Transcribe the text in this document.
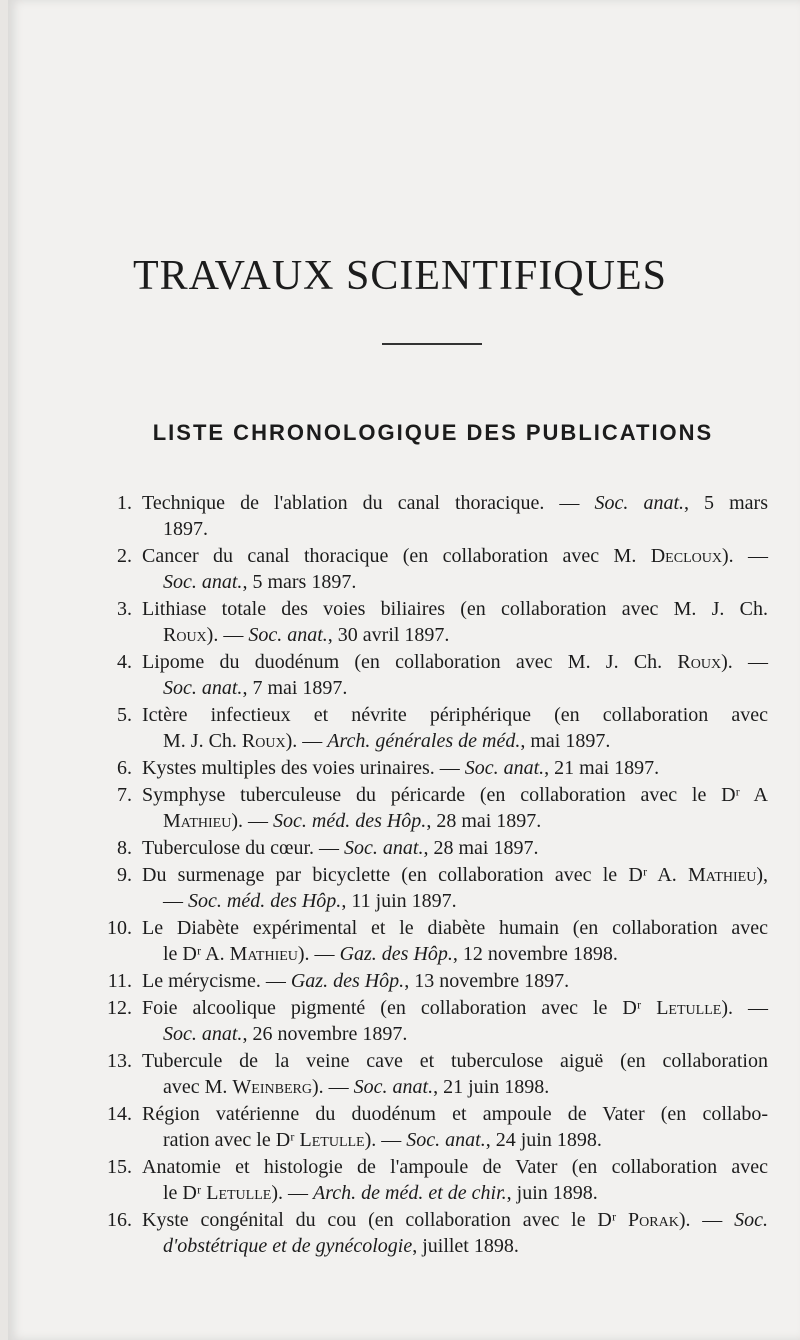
TRAVAUX SCIENTIFIQUES
LISTE CHRONOLOGIQUE DES PUBLICATIONS
1. Technique de l'ablation du canal thoracique. — Soc. anat., 5 mars
1897.
2. Cancer du canal thoracique (en collaboration avec M. Decloux). —
Soc. anat., 5 mars 1897.
3. Lithiase totale des voies biliaires (en collaboration avec M. J. Ch.
Roux). — Soc. anat., 30 avril 1897.
4. Lipome du duodénum (en collaboration avec M. J. Ch. Roux). —
Soc. anat., 7 mai 1897.
5. Ictère infectieux et névrite périphérique (en collaboration avec
M. J. Ch. Roux). — Arch. générales de méd., mai 1897.
6. Kystes multiples des voies urinaires. — Soc. anat., 21 mai 1897.
7. Symphyse tuberculeuse du péricarde (en collaboration avec le Dʳ A
Mathieu). — Soc. méd. des Hôp., 28 mai 1897.
8. Tuberculose du cœur. — Soc. anat., 28 mai 1897.
9. Du surmenage par bicyclette (en collaboration avec le Dʳ A. Mathieu),
— Soc. méd. des Hôp., 11 juin 1897.
10. Le Diabète expérimental et le diabète humain (en collaboration avec
le Dʳ A. Mathieu). — Gaz. des Hôp., 12 novembre 1898.
11. Le mérycisme. — Gaz. des Hôp., 13 novembre 1897.
12. Foie alcoolique pigmenté (en collaboration avec le Dʳ Letulle). —
Soc. anat., 26 novembre 1897.
13. Tubercule de la veine cave et tuberculose aiguë (en collaboration
avec M. Weinberg). — Soc. anat., 21 juin 1898.
14. Région vatérienne du duodénum et ampoule de Vater (en collabo-
ration avec le Dʳ Letulle). — Soc. anat., 24 juin 1898.
15. Anatomie et histologie de l'ampoule de Vater (en collaboration avec
le Dʳ Letulle). — Arch. de méd. et de chir., juin 1898.
16. Kyste congénital du cou (en collaboration avec le Dʳ Porak). — Soc.
d'obstétrique et de gynécologie, juillet 1898.
